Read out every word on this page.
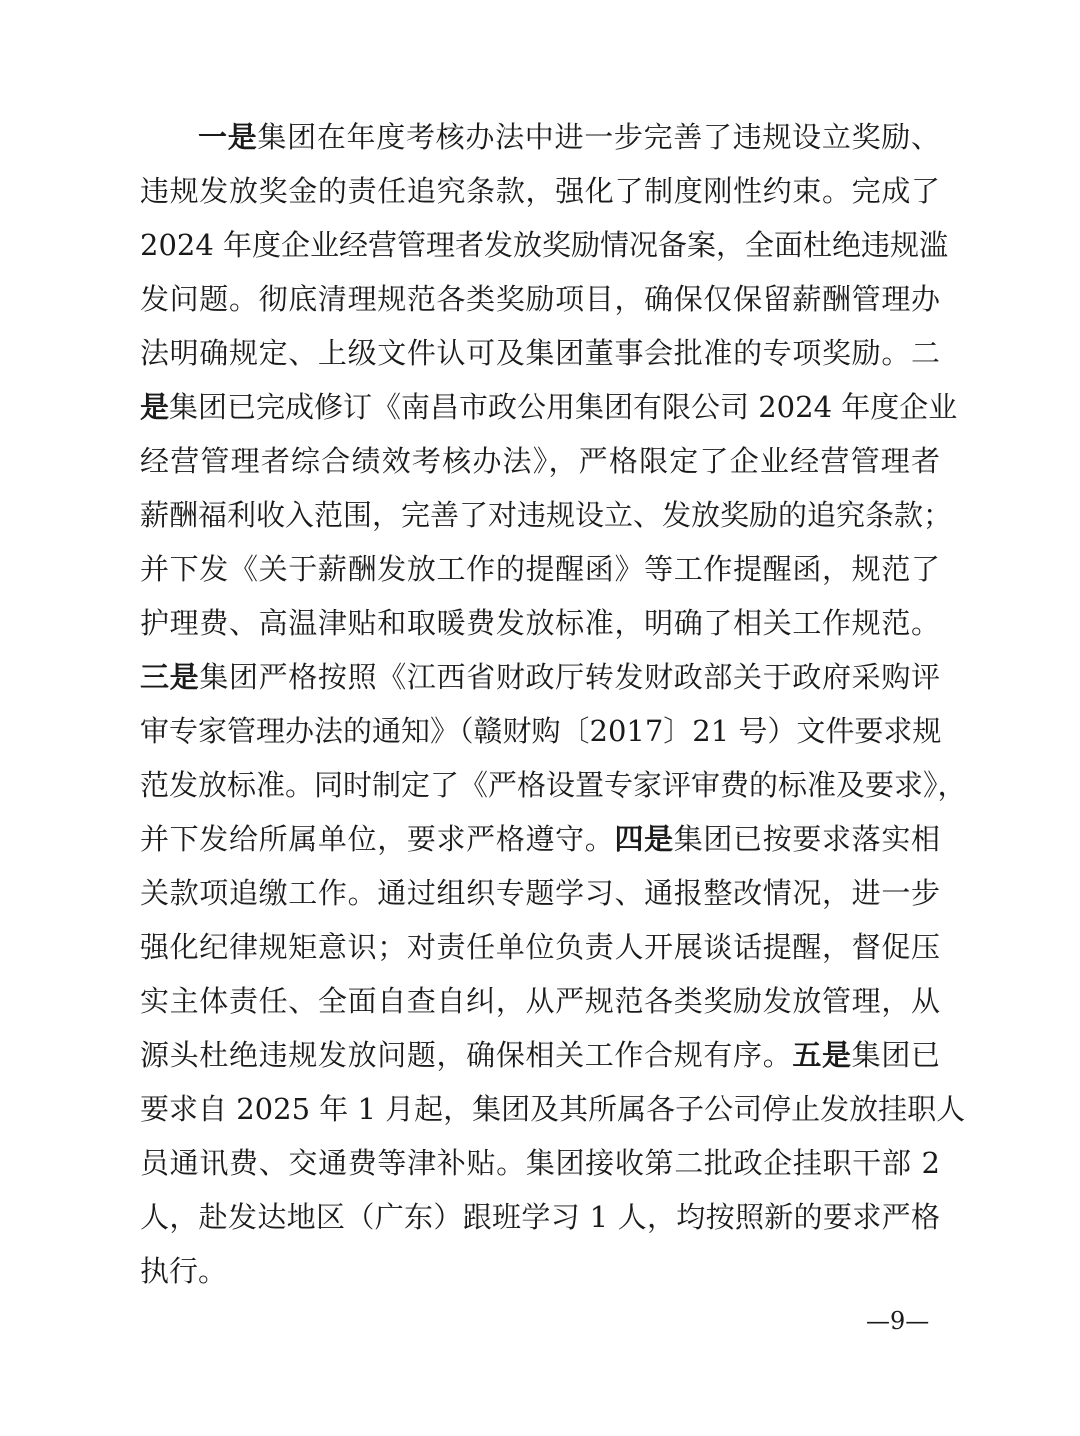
一是集团在年度考核办法中进一步完善了违规设立奖励、
违规发放奖金的责任追究条款，强化了制度刚性约束。完成了
2024 年度企业经营管理者发放奖励情况备案，全面杜绝违规滥
发问题。彻底清理规范各类奖励项目，确保仅保留薪酬管理办
法明确规定、上级文件认可及集团董事会批准的专项奖励。二
是集团已完成修订《南昌市政公用集团有限公司 2024 年度企业
经营管理者综合绩效考核办法》，严格限定了企业经营管理者
薪酬福利收入范围，完善了对违规设立、发放奖励的追究条款；
并下发《关于薪酬发放工作的提醒函》等工作提醒函，规范了
护理费、高温津贴和取暖费发放标准，明确了相关工作规范。
三是集团严格按照《江西省财政厅转发财政部关于政府采购评
审专家管理办法的通知》（赣财购〔2017〕21 号）文件要求规
范发放标准。同时制定了《严格设置专家评审费的标准及要求》，
并下发给所属单位，要求严格遵守。四是集团已按要求落实相
关款项追缴工作。通过组织专题学习、通报整改情况，进一步
强化纪律规矩意识；对责任单位负责人开展谈话提醒，督促压
实主体责任、全面自查自纠，从严规范各类奖励发放管理，从
源头杜绝违规发放问题，确保相关工作合规有序。五是集团已
要求自 2025 年 1 月起，集团及其所属各子公司停止发放挂职人
员通讯费、交通费等津补贴。集团接收第二批政企挂职干部 2
人，赴发达地区（广东）跟班学习 1 人，均按照新的要求严格
执行。
—9—
